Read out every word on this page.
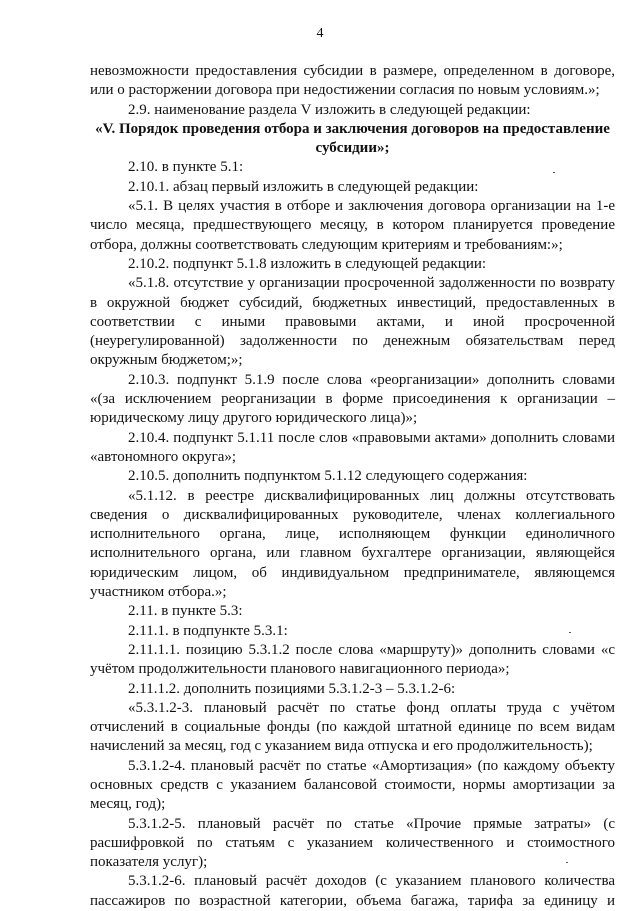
4

невозможности предоставления субсидии в размере, определенном в договоре, или о расторжении договора при недостижении согласия по новым условиям.»;

2.9. наименование раздела V изложить в следующей редакции:

«V. Порядок проведения отбора и заключения договоров на предоставление субсидии»;

2.10. в пункте 5.1:

2.10.1. абзац первый изложить в следующей редакции:

«5.1. В целях участия в отборе и заключения договора организации на 1-е число месяца, предшествующего месяцу, в котором планируется проведение отбора, должны соответствовать следующим критериям и требованиям:»;

2.10.2. подпункт 5.1.8 изложить в следующей редакции:

«5.1.8. отсутствие у организации просроченной задолженности по возврату в окружной бюджет субсидий, бюджетных инвестиций, предоставленных в соответствии с иными правовыми актами, и иной просроченной (неурегулированной) задолженности по денежным обязательствам перед окружным бюджетом;»;

2.10.3. подпункт 5.1.9 после слова «реорганизации» дополнить словами «(за исключением реорганизации в форме присоединения к организации – юридическому лицу другого юридического лица)»;

2.10.4. подпункт 5.1.11 после слов «правовыми актами» дополнить словами «автономного округа»;

2.10.5. дополнить подпунктом 5.1.12 следующего содержания:

«5.1.12. в реестре дисквалифицированных лиц должны отсутствовать сведения о дисквалифицированных руководителе, членах коллегиального исполнительного органа, лице, исполняющем функции единоличного исполнительного органа, или главном бухгалтере организации, являющейся юридическим лицом, об индивидуальном предпринимателе, являющемся участником отбора.»;

2.11. в пункте 5.3:

2.11.1. в подпункте 5.3.1:

2.11.1.1. позицию 5.3.1.2 после слова «маршруту)» дополнить словами «с учётом продолжительности планового навигационного периода»;

2.11.1.2. дополнить позициями 5.3.1.2-3 – 5.3.1.2-6:

«5.3.1.2-3. плановый расчёт по статье фонд оплаты труда с учётом отчислений в социальные фонды (по каждой штатной единице по всем видам начислений за месяц, год с указанием вида отпуска и его продолжительность);

5.3.1.2-4. плановый расчёт по статье «Амортизация» (по каждому объекту основных средств с указанием балансовой стоимости, нормы амортизации за месяц, год);

5.3.1.2-5. плановый расчёт по статье «Прочие прямые затраты» (с расшифровкой по статьям с указанием количественного и стоимостного показателя услуг);

5.3.1.2-6. плановый расчёт доходов (с указанием планового количества пассажиров по возрастной категории, объема багажа, тарифа за единицу и
